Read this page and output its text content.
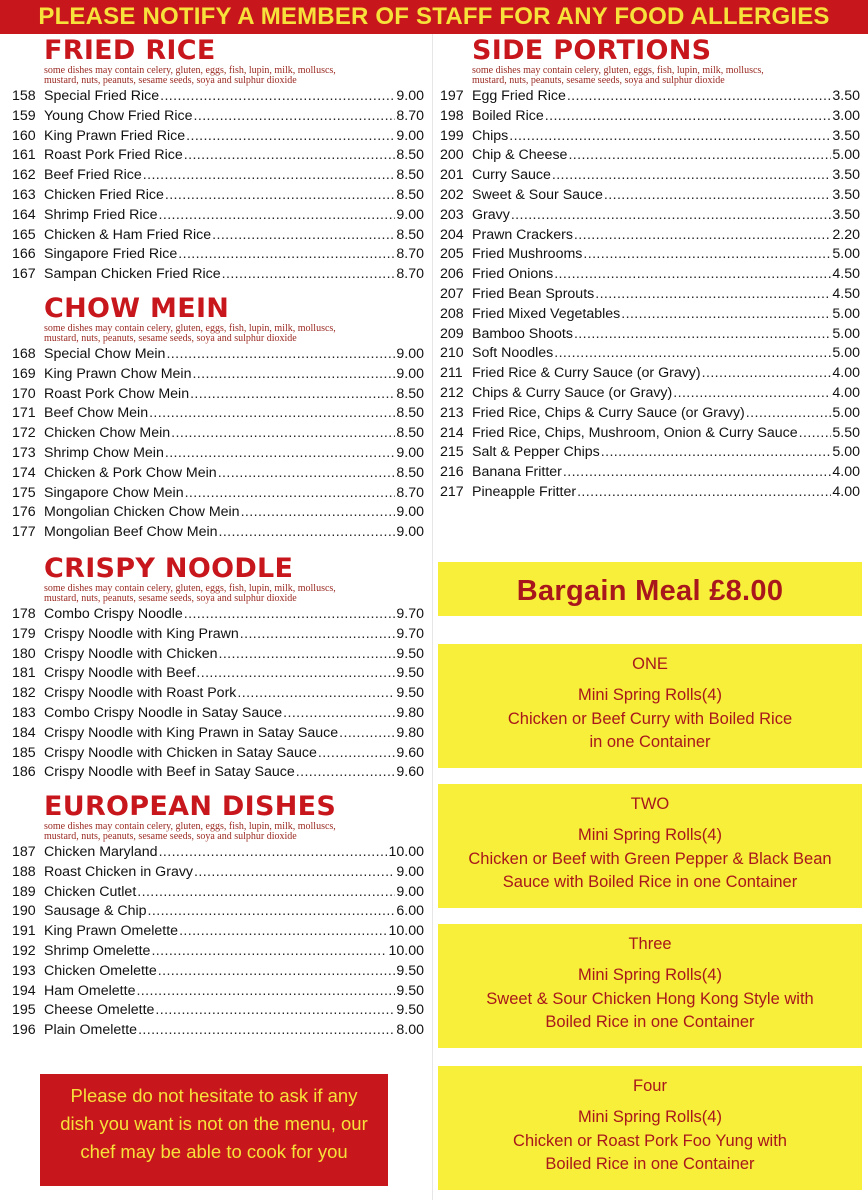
PLEASE NOTIFY A MEMBER OF STAFF FOR ANY FOOD ALLERGIES
FRIED RICE
some dishes may contain celery, gluten, eggs, fish, lupin, milk, molluscs, mustard, nuts, peanuts, sesame seeds, soya and sulphur dioxide
158 Special Fried Rice .....	9.00
159 Young Chow Fried Rice .....	8.70
160 King Prawn Fried Rice .....	9.00
161 Roast Pork Fried Rice .....	8.50
162 Beef Fried Rice .....	8.50
163 Chicken Fried Rice .....	8.50
164 Shrimp Fried Rice .....	9.00
165 Chicken & Ham Fried Rice .....	8.50
166 Singapore Fried Rice .....	8.70
167 Sampan Chicken Fried Rice .....	8.70
CHOW MEIN
some dishes may contain celery, gluten, eggs, fish, lupin, milk, molluscs, mustard, nuts, peanuts, sesame seeds, soya and sulphur dioxide
168 Special Chow Mein .....	9.00
169 King Prawn Chow Mein .....	9.00
170 Roast Pork Chow Mein .....	8.50
171 Beef Chow Mein .....	8.50
172 Chicken Chow Mein .....	8.50
173 Shrimp Chow Mein .....	9.00
174 Chicken & Pork Chow Mein .....	8.50
175 Singapore Chow Mein .....	8.70
176 Mongolian Chicken Chow Mein .....	9.00
177 Mongolian Beef Chow Mein .....	9.00
CRISPY NOODLE
some dishes may contain celery, gluten, eggs, fish, lupin, milk, molluscs, mustard, nuts, peanuts, sesame seeds, soya and sulphur dioxide
178 Combo Crispy Noodle .....	9.70
179 Crispy Noodle with King Prawn .....	9.70
180 Crispy Noodle with Chicken .....	9.50
181 Crispy Noodle with Beef .....	9.50
182 Crispy Noodle with Roast Pork .....	9.50
183 Combo Crispy Noodle in Satay Sauce .....	9.80
184 Crispy Noodle with King Prawn in Satay Sauce .....	9.80
185 Crispy Noodle with Chicken in Satay Sauce .....	9.60
186 Crispy Noodle with Beef in Satay Sauce .....	9.60
EUROPEAN DISHES
some dishes may contain celery, gluten, eggs, fish, lupin, milk, molluscs, mustard, nuts, peanuts, sesame seeds, soya and sulphur dioxide
187 Chicken Maryland .....	10.00
188 Roast Chicken in Gravy .....	9.00
189 Chicken Cutlet .....	9.00
190 Sausage & Chip .....	6.00
191 King Prawn Omelette .....	10.00
192 Shrimp Omelette .....	10.00
193 Chicken Omelette .....	9.50
194 Ham Omelette .....	9.50
195 Cheese Omelette .....	9.50
196 Plain Omelette .....	8.00
Please do not hesitate to ask if any
dish you want is not on the menu, our
chef may be able to cook for you
SIDE PORTIONS
some dishes may contain celery, gluten, eggs, fish, lupin, milk, molluscs, mustard, nuts, peanuts, sesame seeds, soya and sulphur dioxide
197 Egg Fried Rice .....	3.50
198 Boiled Rice .....	3.00
199 Chips .....	3.50
200 Chip & Cheese .....	5.00
201 Curry Sauce .....	3.50
202 Sweet & Sour Sauce .....	3.50
203 Gravy .....	3.50
204 Prawn Crackers .....	2.20
205 Fried Mushrooms .....	5.00
206 Fried Onions .....	4.50
207 Fried Bean Sprouts .....	4.50
208 Fried Mixed Vegetables .....	5.00
209 Bamboo Shoots .....	5.00
210 Soft Noodles .....	5.00
211 Fried Rice & Curry Sauce (or Gravy) .....	4.00
212 Chips & Curry Sauce (or Gravy) .....	4.00
213 Fried Rice, Chips & Curry Sauce (or Gravy) .....	5.00
214 Fried Rice, Chips, Mushroom, Onion & Curry Sauce ..... 5.50
215 Salt & Pepper Chips .....	5.00
216 Banana Fritter .....	4.00
217 Pineapple Fritter .....	4.00
Bargain Meal £8.00
ONE
Mini Spring Rolls(4)
Chicken or Beef Curry with Boiled Rice
in one Container
TWO
Mini Spring Rolls(4)
Chicken or Beef with Green Pepper & Black Bean
Sauce with Boiled Rice in one Container
Three
Mini Spring Rolls(4)
Sweet & Sour Chicken Hong Kong Style with
Boiled Rice in one Container
Four
Mini Spring Rolls(4)
Chicken or Roast Pork Foo Yung with
Boiled Rice in one Container
